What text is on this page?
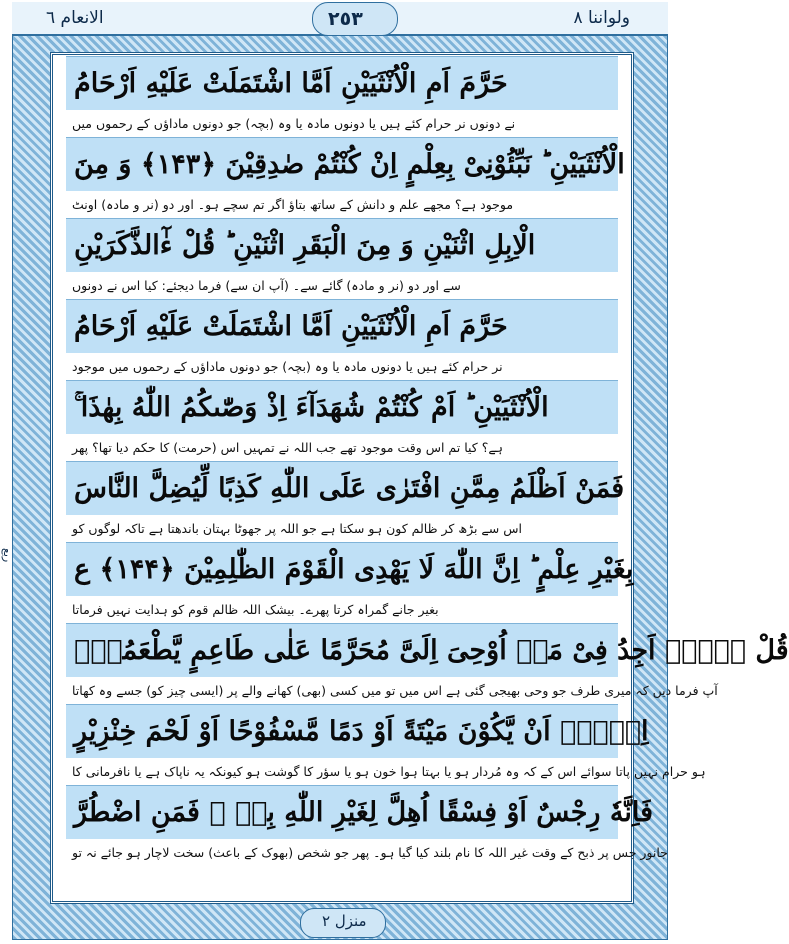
الانعام ٦	٢٥٣	ولواننا ٨
ربع
حَرَّمَ اَمِ الْاُنْثَيَيْنِ اَمَّا اشْتَمَلَتْ عَلَيْهِ اَرْحَامُ
نے دونوں نر حرام کئے ہیں یا دونوں مادہ یا وہ (بچہ) جو دونوں ماداؤں کے رحموں میں
الْاُنْثَيَيْنِ ؕ نَبِّئُوْنِیْ بِعِلْمٍ اِنْ كُنْتُمْ صٰدِقِیْنَ ﴿۱۴۳﴾ وَ مِنَ
موجود ہے؟ مجھے علم و دانش کے ساتھ بتاؤ اگر تم سچے ہو۔ اور دو (نر و مادہ) اونٹ
الْاِبِلِ اثْنَیْنِ وَ مِنَ الْبَقَرِ اثْنَیْنِ ؕ قُلْ ءٰٓالذَّكَرَیْنِ
سے اور دو (نر و مادہ) گائے سے۔ (آپ ان سے) فرما دیجئے: کیا اس نے دونوں
حَرَّمَ اَمِ الْاُنْثَيَيْنِ اَمَّا اشْتَمَلَتْ عَلَيْهِ اَرْحَامُ
نر حرام کئے ہیں یا دونوں مادہ یا وہ (بچہ) جو دونوں ماداؤں کے رحموں میں موجود
الْاُنْثَيَيْنِ ؕ اَمْ كُنْتُمْ شُهَدَآءَ اِذْ وَصّٰىكُمُ اللّٰهُ بِهٰذَا ۚ
ہے؟ کیا تم اس وقت موجود تھے جب اللہ نے تمہیں اس (حرمت) کا حکم دیا تھا؟ پھر
فَمَنْ اَظْلَمُ مِمَّنِ افْتَرٰى عَلَى اللّٰهِ كَذِبًا لِّیُضِلَّ النَّاسَ
اس سے بڑھ کر ظالم کون ہو سکتا ہے جو اللہ پر جھوٹا بہتان باندھتا ہے تاکہ لوگوں کو
بِغَیْرِ عِلْمٍ ؕ اِنَّ اللّٰهَ لَا یَهْدِی الْقَوْمَ الظّٰلِمِیْنَ ﴿۱۴۴﴾ ع
بغیر جانے گمراہ کرتا پھرے۔ بیشک اللہ ظالم قوم کو ہدایت نہیں فرماتا
قُلْ لَّاۤ اَجِدُ فِیْ مَاۤ اُوْحِیَ اِلَیَّ مُحَرَّمًا عَلٰى طَاعِمٍ یَّطْعَمُهٗۤ
آپ فرما دیں کہ میری طرف جو وحی بھیجی گئی ہے اس میں تو میں کسی (بھی) کھانے والے پر (ایسی چیز کو) جسے وہ کھاتا
اِلَّاۤ اَنْ یَّكُوْنَ مَیْتَةً اَوْ دَمًا مَّسْفُوْحًا اَوْ لَحْمَ خِنْزِیْرٍ
ہو حرام نہیں پاتا سوائے اس کے کہ وہ مُردار ہو یا بہتا ہوا خون ہو یا سؤر کا گوشت ہو کیونکہ یہ ناپاک ہے یا نافرمانی کا
فَاِنَّهٗ رِجْسٌ اَوْ فِسْقًا اُهِلَّ لِغَیْرِ اللّٰهِ بِهٖ ۚ فَمَنِ اضْطُرَّ
جانور جس پر ذبح کے وقت غیر اللہ کا نام بلند کیا گیا ہو۔ پھر جو شخص (بھوک کے باعث) سخت لاچار ہو جائے نہ تو
منزل ٢
